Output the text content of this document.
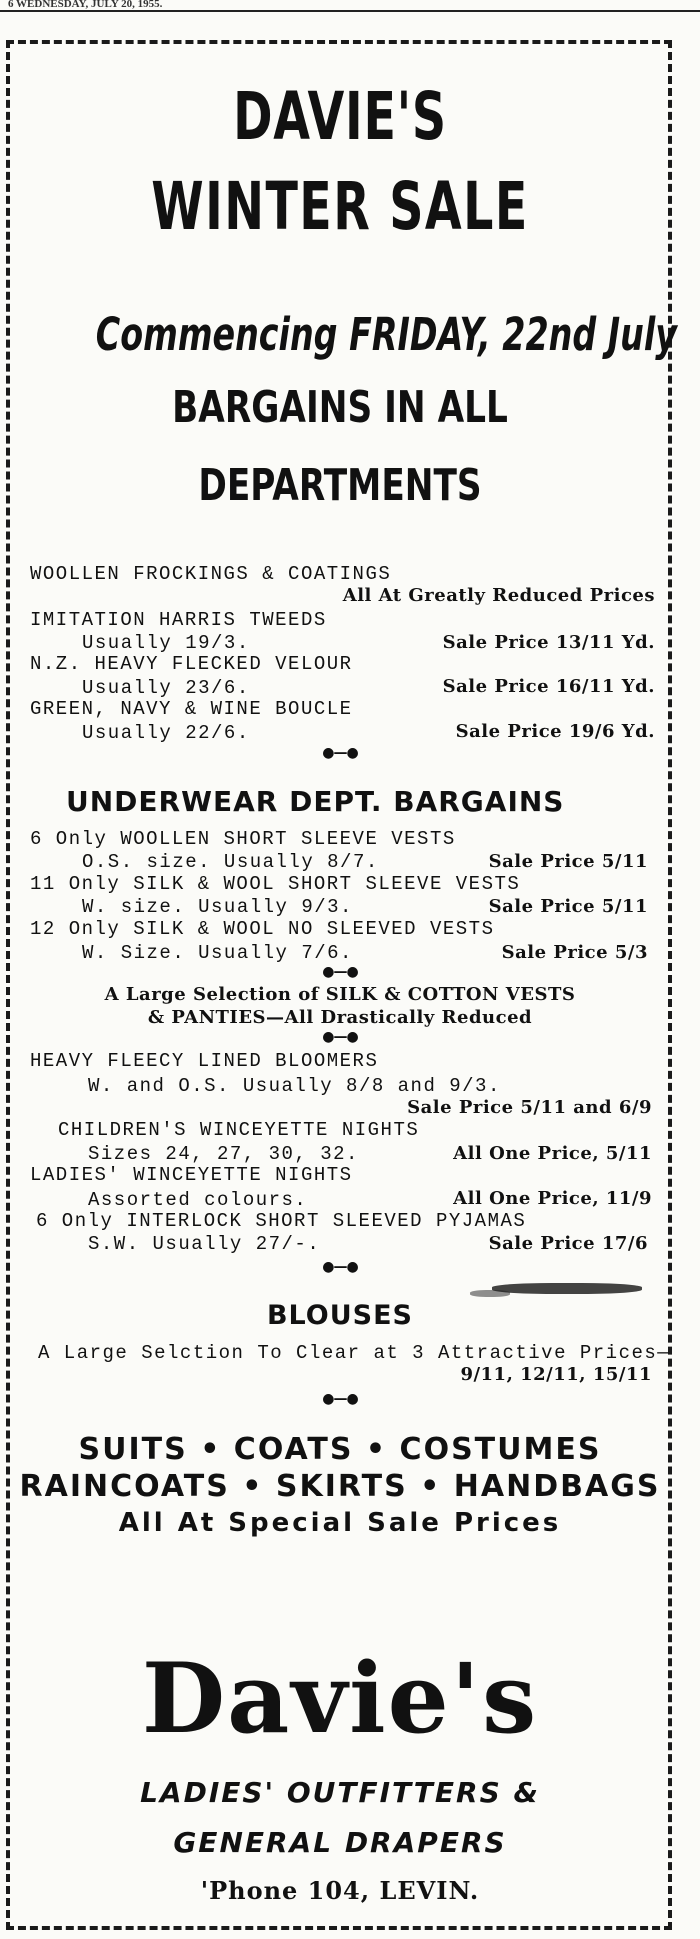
6 WEDNESDAY, JULY 20, 1955.
DAVIE'S
WINTER SALE
Commencing FRIDAY, 22nd July
BARGAINS IN ALL
DEPARTMENTS
WOOLLEN FROCKINGS & COATINGS
All At Greatly Reduced Prices
IMITATION HARRIS TWEEDS
Usually 19/3.	Sale Price 13/11 Yd.
N.Z. HEAVY FLECKED VELOUR
Usually 23/6.	Sale Price 16/11 Yd.
GREEN, NAVY & WINE BOUCLE
Usually 22/6.	Sale Price 19/6 Yd.
●—●
UNDERWEAR DEPT. BARGAINS
6 Only WOOLLEN SHORT SLEEVE VESTS
O.S. size. Usually 8/7.	Sale Price 5/11
11 Only SILK & WOOL SHORT SLEEVE VESTS
W. size. Usually 9/3.	Sale Price 5/11
12 Only SILK & WOOL NO SLEEVED VESTS
W. Size. Usually 7/6.	Sale Price 5/3
●—●
A Large Selection of SILK & COTTON VESTS
& PANTIES—All Drastically Reduced
●—●
HEAVY FLEECY LINED BLOOMERS
W. and O.S. Usually 8/8 and 9/3.
Sale Price 5/11 and 6/9
CHILDREN'S WINCEYETTE NIGHTS
Sizes 24, 27, 30, 32.	All One Price, 5/11
LADIES' WINCEYETTE NIGHTS
Assorted colours.	All One Price, 11/9
6 Only INTERLOCK SHORT SLEEVED PYJAMAS
S.W. Usually 27/-.	Sale Price 17/6
●—●
BLOUSES
A Large Selction To Clear at 3 Attractive Prices—
9/11, 12/11, 15/11
●—●
SUITS • COATS • COSTUMES
RAINCOATS • SKIRTS • HANDBAGS
All At Special Sale Prices
Davie's
LADIES' OUTFITTERS &
GENERAL DRAPERS
'Phone 104, LEVIN.
